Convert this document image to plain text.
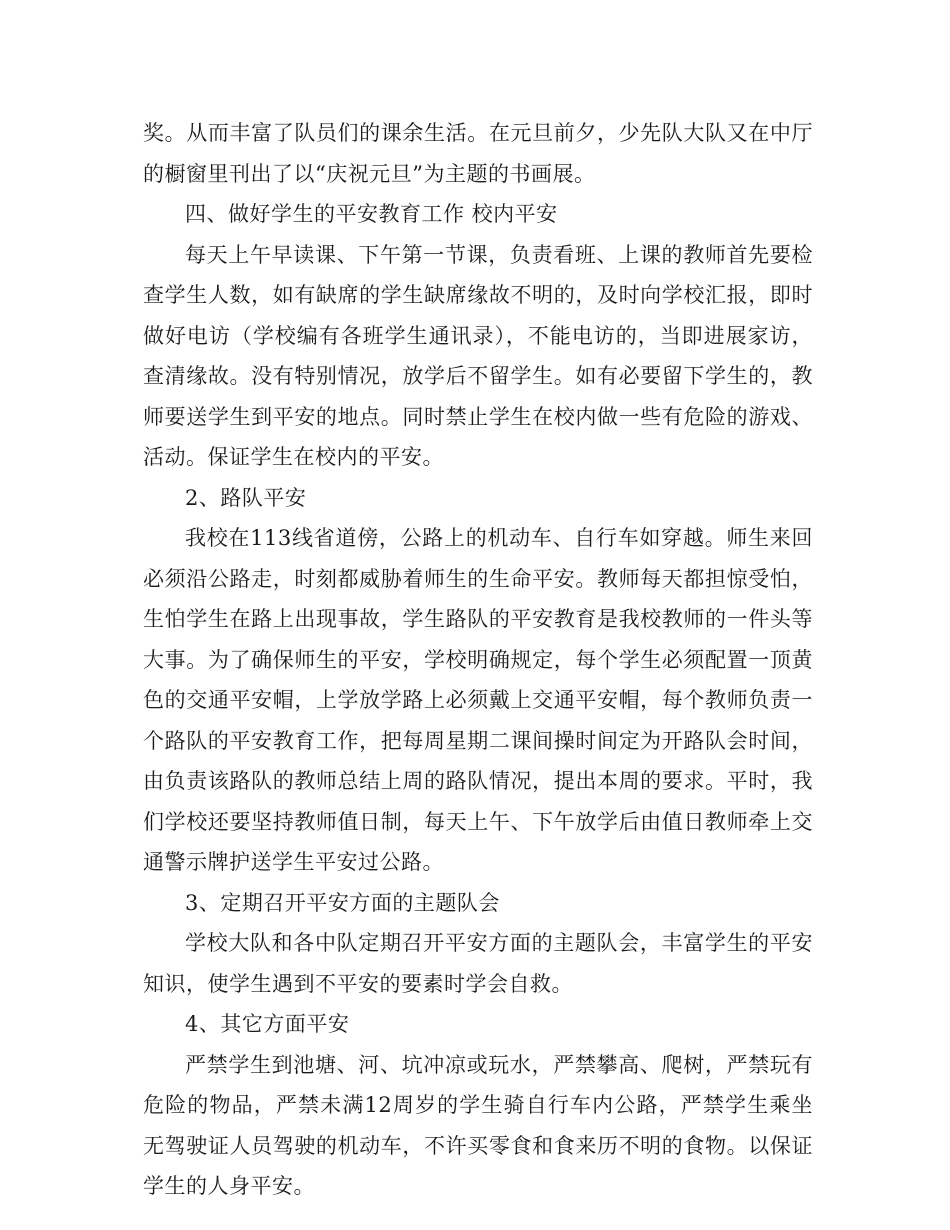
奖。从而丰富了队员们的课余生活。在元旦前夕，少先队大队又在中厅的橱窗里刊出了以“庆祝元旦”为主题的书画展。

四、做好学生的平安教育工作 校内平安

每天上午早读课、下午第一节课，负责看班、上课的教师首先要检查学生人数，如有缺席的学生缺席缘故不明的，及时向学校汇报，即时做好电访（学校编有各班学生通讯录），不能电访的，当即进展家访，查清缘故。没有特别情况，放学后不留学生。如有必要留下学生的，教师要送学生到平安的地点。同时禁止学生在校内做一些有危险的游戏、活动。保证学生在校内的平安。

2、路队平安

我校在113线省道傍，公路上的机动车、自行车如穿越。师生来回必须沿公路走，时刻都威胁着师生的生命平安。教师每天都担惊受怕，生怕学生在路上出现事故，学生路队的平安教育是我校教师的一件头等大事。为了确保师生的平安，学校明确规定，每个学生必须配置一顶黄色的交通平安帽，上学放学路上必须戴上交通平安帽，每个教师负责一个路队的平安教育工作，把每周星期二课间操时间定为开路队会时间，由负责该路队的教师总结上周的路队情况，提出本周的要求。平时，我们学校还要坚持教师值日制，每天上午、下午放学后由值日教师牵上交通警示牌护送学生平安过公路。

3、定期召开平安方面的主题队会

学校大队和各中队定期召开平安方面的主题队会，丰富学生的平安知识，使学生遇到不平安的要素时学会自救。

4、其它方面平安

严禁学生到池塘、河、坑冲凉或玩水，严禁攀高、爬树，严禁玩有危险的物品，严禁未满12周岁的学生骑自行车内公路，严禁学生乘坐无驾驶证人员驾驶的机动车，不许买零食和食来历不明的食物。以保证学生的人身平安。
